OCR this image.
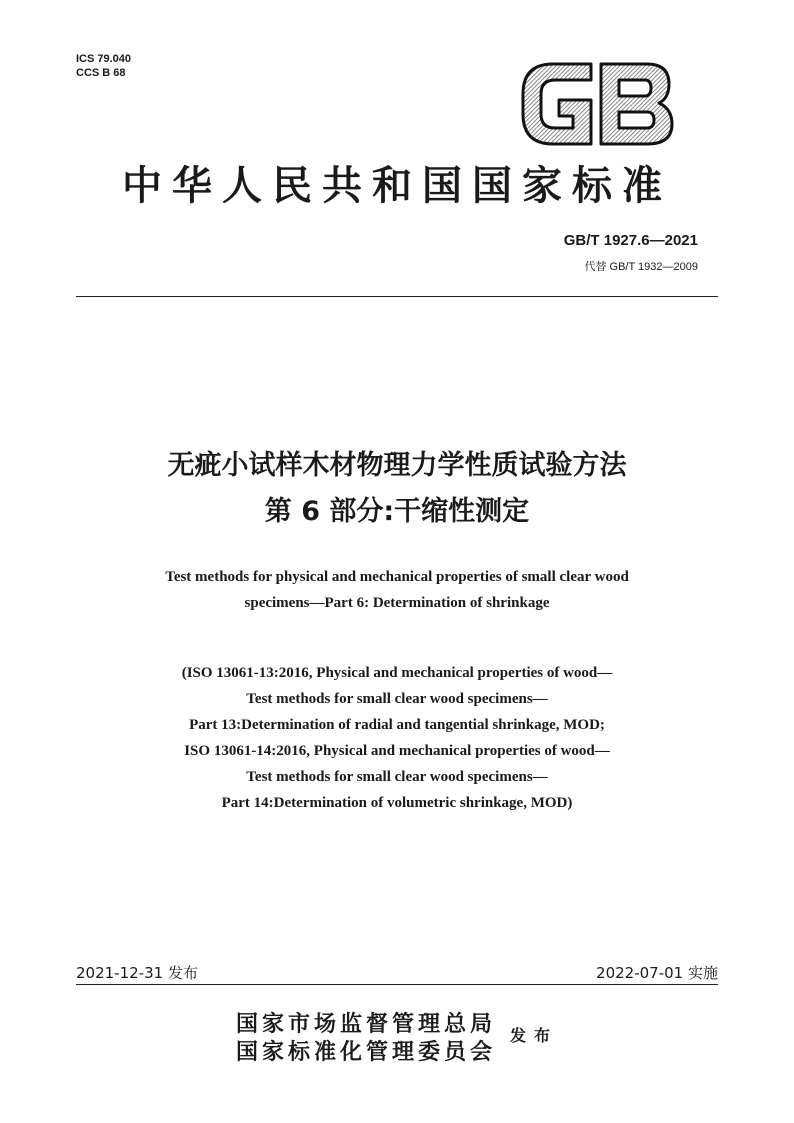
ICS 79.040
CCS B 68
中华人民共和国国家标准
GB/T 1927.6—2021
代替 GB/T 1932—2009
无疵小试样木材物理力学性质试验方法
第 6 部分:干缩性测定
Test methods for physical and mechanical properties of small clear wood
specimens—Part 6: Determination of shrinkage
(ISO 13061-13:2016, Physical and mechanical properties of wood—
Test methods for small clear wood specimens—
Part 13:Determination of radial and tangential shrinkage, MOD;
ISO 13061-14:2016, Physical and mechanical properties of wood—
Test methods for small clear wood specimens—
Part 14:Determination of volumetric shrinkage, MOD)
2021-12-31 发布	2022-07-01 实施
国家市场监督管理总局
国家标准化管理委员会
发布
